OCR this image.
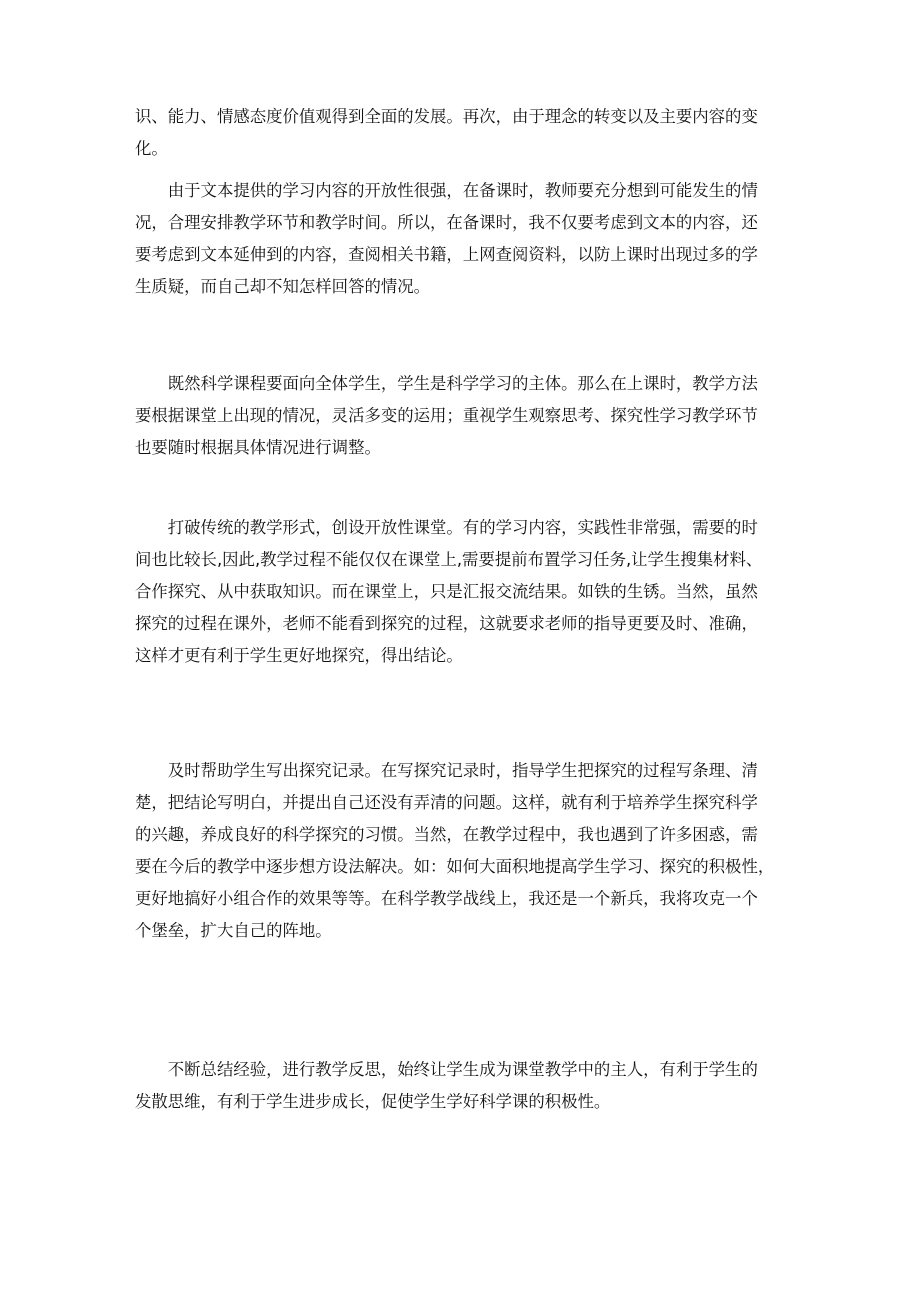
识、能力、情感态度价值观得到全面的发展。再次，由于理念的转变以及主要内容的变
化。

　　由于文本提供的学习内容的开放性很强，在备课时，教师要充分想到可能发生的情
况，合理安排教学环节和教学时间。所以，在备课时，我不仅要考虑到文本的内容，还
要考虑到文本延伸到的内容，查阅相关书籍，上网查阅资料，以防上课时出现过多的学
生质疑，而自己却不知怎样回答的情况。

　　既然科学课程要面向全体学生，学生是科学学习的主体。那么在上课时，教学方法
要根据课堂上出现的情况，灵活多变的运用；重视学生观察思考、探究性学习教学环节
也要随时根据具体情况进行调整。

　　打破传统的教学形式，创设开放性课堂。有的学习内容，实践性非常强，需要的时
间也比较长,因此,教学过程不能仅仅在课堂上,需要提前布置学习任务,让学生搜集材料、
合作探究、从中获取知识。而在课堂上，只是汇报交流结果。如铁的生锈。当然，虽然
探究的过程在课外，老师不能看到探究的过程，这就要求老师的指导更要及时、准确，
这样才更有利于学生更好地探究，得出结论。

　　及时帮助学生写出探究记录。在写探究记录时，指导学生把探究的过程写条理、清
楚，把结论写明白，并提出自己还没有弄清的问题。这样，就有利于培养学生探究科学
的兴趣，养成良好的科学探究的习惯。当然，在教学过程中，我也遇到了许多困惑，需
要在今后的教学中逐步想方设法解决。如：如何大面积地提高学生学习、探究的积极性，
更好地搞好小组合作的效果等等。在科学教学战线上，我还是一个新兵，我将攻克一个
个堡垒，扩大自己的阵地。

　　不断总结经验，进行教学反思，始终让学生成为课堂教学中的主人，有利于学生的
发散思维，有利于学生进步成长，促使学生学好科学课的积极性。
